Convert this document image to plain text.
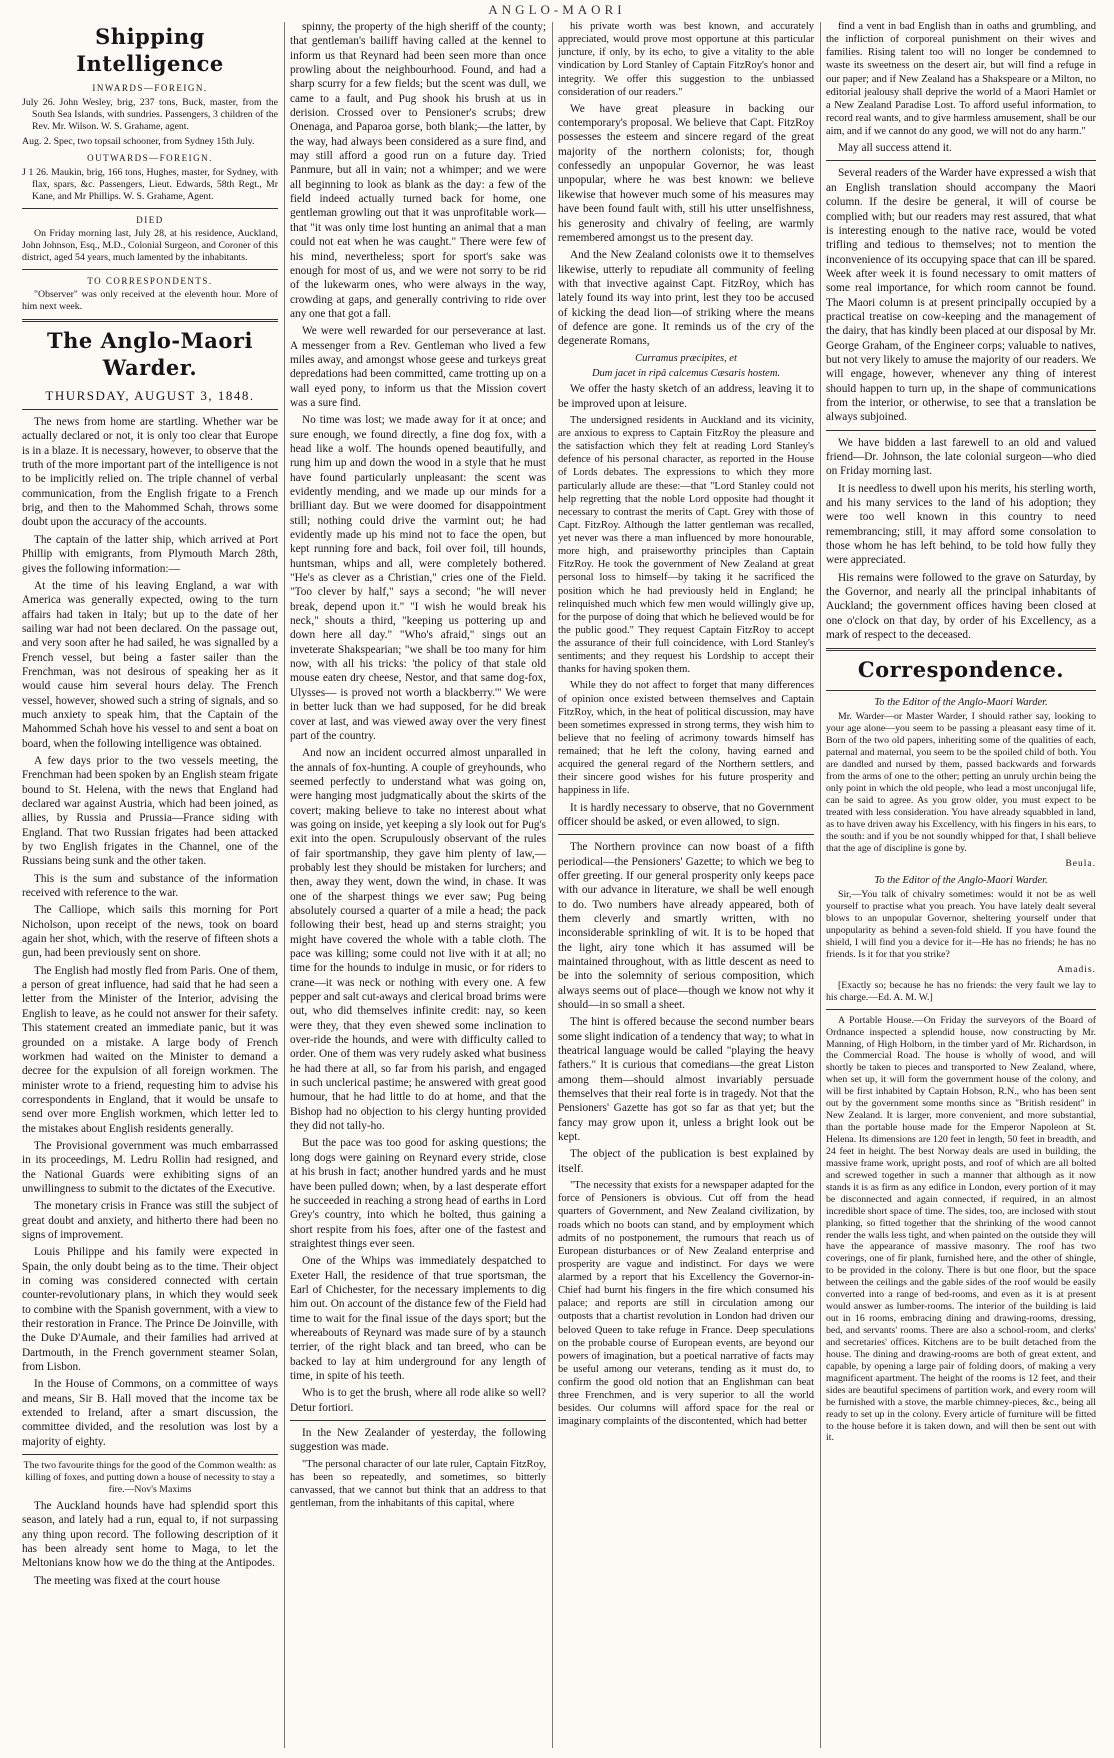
ANGLO-MAORI
Shipping Intelligence
INWARDS—FOREIGN.

July 26. John Wesley, brig, 237 tons, Buck, master, from the South Sea Islands, with sundries. Passengers, 3 children of the Rev. Mr. Wilson. W. S. Grahame, agent.

Aug. 2. Spec, two topsail schooner, from Sydney 15th July.

OUTWARDS—FOREIGN.

J 1 26. Maukin, brig, 166 tons, Hughes, master, for Sydney, with flax, spars, &c. Passengers, Lieut. Edwards, 58th Regt., Mr Kane, and Mr Phillips. W. S. Grahame, Agent.

DIED

On Friday morning last, July 28, at his residence, Auckland, John Johnson, Esq., M.D., Colonial Surgeon, and Coroner of this district, aged 54 years, much lamented by the inhabitants.

TO CORRESPONDENTS.

"Observer" was only received at the eleventh hour. More of him next week.

The Anglo-Maori Warder.
THURSDAY, AUGUST 3, 1848.

The news from home are startling. Whether war be actually declared or not, it is only too clear that Europe is in a blaze. It is necessary, however, to observe that the truth of the more important part of the intelligence is not to be implicitly relied on. The triple channel of verbal communication, from the English frigate to a French brig, and then to the Mahommed Schah, throws some doubt upon the accuracy of the accounts.

The captain of the latter ship, which arrived at Port Phillip with emigrants, from Plymouth March 28th, gives the following information:—

At the time of his leaving England, a war with America was generally expected, owing to the turn affairs had taken in Italy; but up to the date of her sailing war had not been declared. On the passage out, and very soon after he had sailed, he was signalled by a French vessel, but being a faster sailer than the Frenchman, was not desirous of speaking her as it would cause him several hours delay. The French vessel, however, showed such a string of signals, and so much anxiety to speak him, that the Captain of the Mahommed Schah hove his vessel to and sent a boat on board, when the following intelligence was obtained.

A few days prior to the two vessels meeting, the Frenchman had been spoken by an English steam frigate bound to St. Helena, with the news that England had declared war against Austria, which had been joined, as allies, by Russia and Prussia—France siding with England. That two Russian frigates had been attacked by two English frigates in the Channel, one of the Russians being sunk and the other taken.

This is the sum and substance of the information received with reference to the war.

The Calliope, which sails this morning for Port Nicholson, upon receipt of the news, took on board again her shot, which, with the reserve of fifteen shots a gun, had been previously sent on shore.

The English had mostly fled from Paris. One of them, a person of great influence, had said that he had seen a letter from the Minister of the Interior, advising the English to leave, as he could not answer for their safety. This statement created an immediate panic, but it was grounded on a mistake. A large body of French workmen had waited on the Minister to demand a decree for the expulsion of all foreign workmen. The minister wrote to a friend, requesting him to advise his correspondents in England, that it would be unsafe to send over more English workmen, which letter led to the mistakes about English residents generally.

The Provisional government was much embarrassed in its proceedings, M. Ledru Rollin had resigned, and the National Guards were exhibiting signs of an unwillingness to submit to the dictates of the Executive.

The monetary crisis in France was still the subject of great doubt and anxiety, and hitherto there had been no signs of improvement.

Louis Philippe and his family were expected in Spain, the only doubt being as to the time. Their object in coming was considered connected with certain counter-revolutionary plans, in which they would seek to combine with the Spanish government, with a view to their restoration in France. The Prince De Joinville, with the Duke D'Aumale, and their families had arrived at Dartmouth, in the French government steamer Solan, from Lisbon.

In the House of Commons, on a committee of ways and means, Sir B. Hall moved that the income tax be extended to Ireland, after a smart discussion, the committee divided, and the resolution was lost by a majority of eighty.

The two favourite things for the good of the Common wealth: as killing of foxes, and putting down a house of necessity to stay a fire.—Nov's Maxims

The Auckland hounds have had splendid sport this season, and lately had a run, equal to, if not surpassing any thing upon record. The following description of it has been already sent home to Maga, to let the Meltonians know how we do the thing at the Antipodes.

The meeting was fixed at the court house

spinny, the property of the high sheriff of the county; that gentleman's bailiff having called at the kennel to inform us that Reynard had been seen more than once prowling about the neighbourhood. Found, and had a sharp scurry for a few fields; but the scent was dull, we came to a fault, and Pug shook his brush at us in derision. Crossed over to Pensioner's scrubs; drew Onenaga, and Paparoa gorse, both blank;—the latter, by the way, had always been considered as a sure find, and may still afford a good run on a future day. Tried Panmure, but all in vain; not a whimper; and we were all beginning to look as blank as the day: a few of the field indeed actually turned back for home, one gentleman growling out that it was unprofitable work—that "it was only time lost hunting an animal that a man could not eat when he was caught." There were few of his mind, nevertheless; sport for sport's sake was enough for most of us, and we were not sorry to be rid of the lukewarm ones, who were always in the way, crowding at gaps, and generally contriving to ride over any one that got a fall.

We were well rewarded for our perseverance at last. A messenger from a Rev. Gentleman who lived a few miles away, and amongst whose geese and turkeys great depredations had been committed, came trotting up on a wall eyed pony, to inform us that the Mission covert was a sure find.

No time was lost; we made away for it at once; and sure enough, we found directly, a fine dog fox, with a head like a wolf. The hounds opened beautifully, and rung him up and down the wood in a style that he must have found particularly unpleasant: the scent was evidently mending, and we made up our minds for a brilliant day. But we were doomed for disappointment still; nothing could drive the varmint out; he had evidently made up his mind not to face the open, but kept running fore and back, foil over foil, till hounds, huntsman, whips and all, were completely bothered. "He's as clever as a Christian," cries one of the Field. "Too clever by half," says a second; "he will never break, depend upon it." "I wish he would break his neck," shouts a third, "keeping us pottering up and down here all day." "Who's afraid," sings out an inveterate Shakspearian; "we shall be too many for him now, with all his tricks: 'the policy of that stale old mouse eaten dry cheese, Nestor, and that same dog-fox, Ulysses— is proved not worth a blackberry.'" We were in better luck than we had supposed, for he did break cover at last, and was viewed away over the very finest part of the country.

And now an incident occurred almost unparalled in the annals of fox-hunting. A couple of greyhounds, who seemed perfectly to understand what was going on, were hanging most judgmatically about the skirts of the covert; making believe to take no interest about what was going on inside, yet keeping a sly look out for Pug's exit into the open. Scrupulously observant of the rules of fair sportmanship, they gave him plenty of law,—probably lest they should be mistaken for lurchers; and then, away they went, down the wind, in chase. It was one of the sharpest things we ever saw; Pug being absolutely coursed a quarter of a mile a head; the pack following their best, head up and sterns straight; you might have covered the whole with a table cloth. The pace was killing; some could not live with it at all; no time for the hounds to indulge in music, or for riders to crane—it was neck or nothing with every one. A few pepper and salt cut-aways and clerical broad brims were out, who did themselves infinite credit: nay, so keen were they, that they even shewed some inclination to over-ride the hounds, and were with difficulty called to order. One of them was very rudely asked what business he had there at all, so far from his parish, and engaged in such unclerical pastime; he answered with great good humour, that he had little to do at home, and that the Bishop had no objection to his clergy hunting provided they did not tally-ho.

But the pace was too good for asking questions; the long dogs were gaining on Reynard every stride, close at his brush in fact; another hundred yards and he must have been pulled down; when, by a last desperate effort he succeeded in reaching a strong head of earths in Lord Grey's country, into which he bolted, thus gaining a short respite from his foes, after one of the fastest and straightest things ever seen.

One of the Whips was immediately despatched to Exeter Hall, the residence of that true sportsman, the Earl of Chichester, for the necessary implements to dig him out. On account of the distance few of the Field had time to wait for the final issue of the days sport; but the whereabouts of Reynard was made sure of by a staunch terrier, of the right black and tan breed, who can be backed to lay at him underground for any length of time, in spite of his teeth.

Who is to get the brush, where all rode alike so well? Detur fortiori.

In the New Zealander of yesterday, the following suggestion was made.

"The personal character of our late ruler, Captain FitzRoy, has been so repeatedly, and sometimes, so bitterly canvassed, that we cannot but think that an address to that gentleman, from the inhabitants of this capital, where

his private worth was best known, and accurately appreciated, would prove most opportune at this particular juncture, if only, by its echo, to give a vitality to the able vindication by Lord Stanley of Captain FitzRoy's honor and integrity. We offer this suggestion to the unbiassed consideration of our readers."

We have great pleasure in backing our contemporary's proposal. We believe that Capt. FitzRoy possesses the esteem and sincere regard of the great majority of the northern colonists; for, though confessedly an unpopular Governor, he was least unpopular, where he was best known: we believe likewise that however much some of his measures may have been found fault with, still his utter unselfishness, his generosity and chivalry of feeling, are warmly remembered amongst us to the present day.

And the New Zealand colonists owe it to themselves likewise, utterly to repudiate all community of feeling with that invective against Capt. FitzRoy, which has lately found its way into print, lest they too be accused of kicking the dead lion—of striking where the means of defence are gone. It reminds us of the cry of the degenerate Romans,

Curramus præcipites, et

Dum jacet in ripâ calcemus Cæsaris hostem.

We offer the hasty sketch of an address, leaving it to be improved upon at leisure.

The undersigned residents in Auckland and its vicinity, are anxious to express to Captain FitzRoy the pleasure and the satisfaction which they felt at reading Lord Stanley's defence of his personal character, as reported in the House of Lords debates. The expressions to which they more particularly allude are these:—that "Lord Stanley could not help regretting that the noble Lord opposite had thought it necessary to contrast the merits of Capt. Grey with those of Capt. FitzRoy. Although the latter gentleman was recalled, yet never was there a man influenced by more honourable, more high, and praiseworthy principles than Captain FitzRoy. He took the government of New Zealand at great personal loss to himself—by taking it he sacrificed the position which he had previously held in England; he relinquished much which few men would willingly give up, for the purpose of doing that which he believed would be for the public good." They request Captain FitzRoy to accept the assurance of their full coincidence, with Lord Stanley's sentiments; and they request his Lordship to accept their thanks for having spoken them.

While they do not affect to forget that many differences of opinion once existed between themselves and Captain FitzRoy, which, in the heat of political discussion, may have been sometimes expressed in strong terms, they wish him to believe that no feeling of acrimony towards himself has remained; that he left the colony, having earned and acquired the general regard of the Northern settlers, and their sincere good wishes for his future prosperity and happiness in life.

It is hardly necessary to observe, that no Government officer should be asked, or even allowed, to sign.

The Northern province can now boast of a fifth periodical—the Pensioners' Gazette; to which we beg to offer greeting. If our general prosperity only keeps pace with our advance in literature, we shall be well enough to do. Two numbers have already appeared, both of them cleverly and smartly written, with no inconsiderable sprinkling of wit. It is to be hoped that the light, airy tone which it has assumed will be maintained throughout, with as little descent as need to be into the solemnity of serious composition, which always seems out of place—though we know not why it should—in so small a sheet.

The hint is offered because the second number bears some slight indication of a tendency that way; to what in theatrical language would be called "playing the heavy fathers." It is curious that comedians—the great Liston among them—should almost invariably persuade themselves that their real forte is in tragedy. Not that the Pensioners' Gazette has got so far as that yet; but the fancy may grow upon it, unless a bright look out be kept.

The object of the publication is best explained by itself.

"The necessity that exists for a newspaper adapted for the force of Pensioners is obvious. Cut off from the head quarters of Government, and New Zealand civilization, by roads which no boots can stand, and by employment which admits of no postponement, the rumours that reach us of European disturbances or of New Zealand enterprise and prosperity are vague and indistinct. For days we were alarmed by a report that his Excellency the Governor-in-Chief had burnt his fingers in the fire which consumed his palace; and reports are still in circulation among our outposts that a chartist revolution in London had driven our beloved Queen to take refuge in France. Deep speculations on the probable course of European events, are beyond our powers of imagination, but a poetical narrative of facts may be useful among our veterans, tending as it must do, to confirm the good old notion that an Englishman can beat three Frenchmen, and is very superior to all the world besides. Our columns will afford space for the real or imaginary complaints of the discontented, which had better

find a vent in bad English than in oaths and grumbling, and the infliction of corporeal punishment on their wives and families. Rising talent too will no longer be condemned to waste its sweetness on the desert air, but will find a refuge in our paper; and if New Zealand has a Shakspeare or a Milton, no editorial jealousy shall deprive the world of a Maori Hamlet or a New Zealand Paradise Lost. To afford useful information, to record real wants, and to give harmless amusement, shall be our aim, and if we cannot do any good, we will not do any harm."

May all success attend it.

Several readers of the Warder have expressed a wish that an English translation should accompany the Maori column. If the desire be general, it will of course be complied with; but our readers may rest assured, that what is interesting enough to the native race, would be voted trifling and tedious to themselves; not to mention the inconvenience of its occupying space that can ill be spared. Week after week it is found necessary to omit matters of some real importance, for which room cannot be found. The Maori column is at present principally occupied by a practical treatise on cow-keeping and the management of the dairy, that has kindly been placed at our disposal by Mr. George Graham, of the Engineer corps; valuable to natives, but not very likely to amuse the majority of our readers. We will engage, however, whenever any thing of interest should happen to turn up, in the shape of communications from the interior, or otherwise, to see that a translation be always subjoined.

We have bidden a last farewell to an old and valued friend—Dr. Johnson, the late colonial surgeon—who died on Friday morning last.

It is needless to dwell upon his merits, his sterling worth, and his many services to the land of his adoption; they were too well known in this country to need remembrancing; still, it may afford some consolation to those whom he has left behind, to be told how fully they were appreciated.

His remains were followed to the grave on Saturday, by the Governor, and nearly all the principal inhabitants of Auckland; the government offices having been closed at one o'clock on that day, by order of his Excellency, as a mark of respect to the deceased.

Correspondence.

To the Editor of the Anglo-Maori Warder.

Mr. Warder—or Master Warder, I should rather say, looking to your age alone—you seem to be passing a pleasant easy time of it. Born of the two old papers, inheriting some of the qualities of each, paternal and maternal, you seem to be the spoiled child of both. You are dandled and nursed by them, passed backwards and forwards from the arms of one to the other; petting an unruly urchin being the only point in which the old people, who lead a most unconjugal life, can be said to agree. As you grow older, you must expect to be treated with less consideration. You have already squabbled in land, as to have driven away his Excellency, with his fingers in his ears, to the south: and if you be not soundly whipped for that, I shall believe that the age of discipline is gone by.

Beula.

To the Editor of the Anglo-Maori Warder.

Sir,—You talk of chivalry sometimes: would it not be as well yourself to practise what you preach. You have lately dealt several blows to an unpopular Governor, sheltering yourself under that unpopularity as behind a seven-fold shield. If you have found the shield, I will find you a device for it—He has no friends; he has no friends. Is it for that you strike?

Amadis.

[Exactly so; because he has no friends: the very fault we lay to his charge.—Ed. A. M. W.]

A Portable House.—On Friday the surveyors of the Board of Ordnance inspected a splendid house, now constructing by Mr. Manning, of High Holborn, in the timber yard of Mr. Richardson, in the Commercial Road. The house is wholly of wood, and will shortly be taken to pieces and transported to New Zealand, where, when set up, it will form the government house of the colony, and will be first inhabited by Captain Hobson, R.N., who has been sent out by the government some months since as "British resident" in New Zealand. It is larger, more convenient, and more substantial, than the portable house made for the Emperor Napoleon at St. Helena. Its dimensions are 120 feet in length, 50 feet in breadth, and 24 feet in height. The best Norway deals are used in building, the massive frame work, upright posts, and roof of which are all bolted and screwed together in such a manner that although as it now stands it is as firm as any edifice in London, every portion of it may be disconnected and again connected, if required, in an almost incredible short space of time. The sides, too, are inclosed with stout planking, so fitted together that the shrinking of the wood cannot render the walls less tight, and when painted on the outside they will have the appearance of massive masonry. The roof has two coverings, one of fir plank, furnished here, and the other of shingle, to be provided in the colony. There is but one floor, but the space between the ceilings and the gable sides of the roof would be easily converted into a range of bed-rooms, and even as it is at present would answer as lumber-rooms. The interior of the building is laid out in 16 rooms, embracing dining and drawing-rooms, dressing, bed, and servants' rooms. There are also a school-room, and clerks' and secretaries' offices. Kitchens are to be built detached from the house. The dining and drawing-rooms are both of great extent, and capable, by opening a large pair of folding doors, of making a very magnificent apartment. The height of the rooms is 12 feet, and their sides are beautiful specimens of partition work, and every room will be furnished with a stove, the marble chimney-pieces, &c., being all ready to set up in the colony. Every article of furniture will be fitted to the house before it is taken down, and will then be sent out with it.
